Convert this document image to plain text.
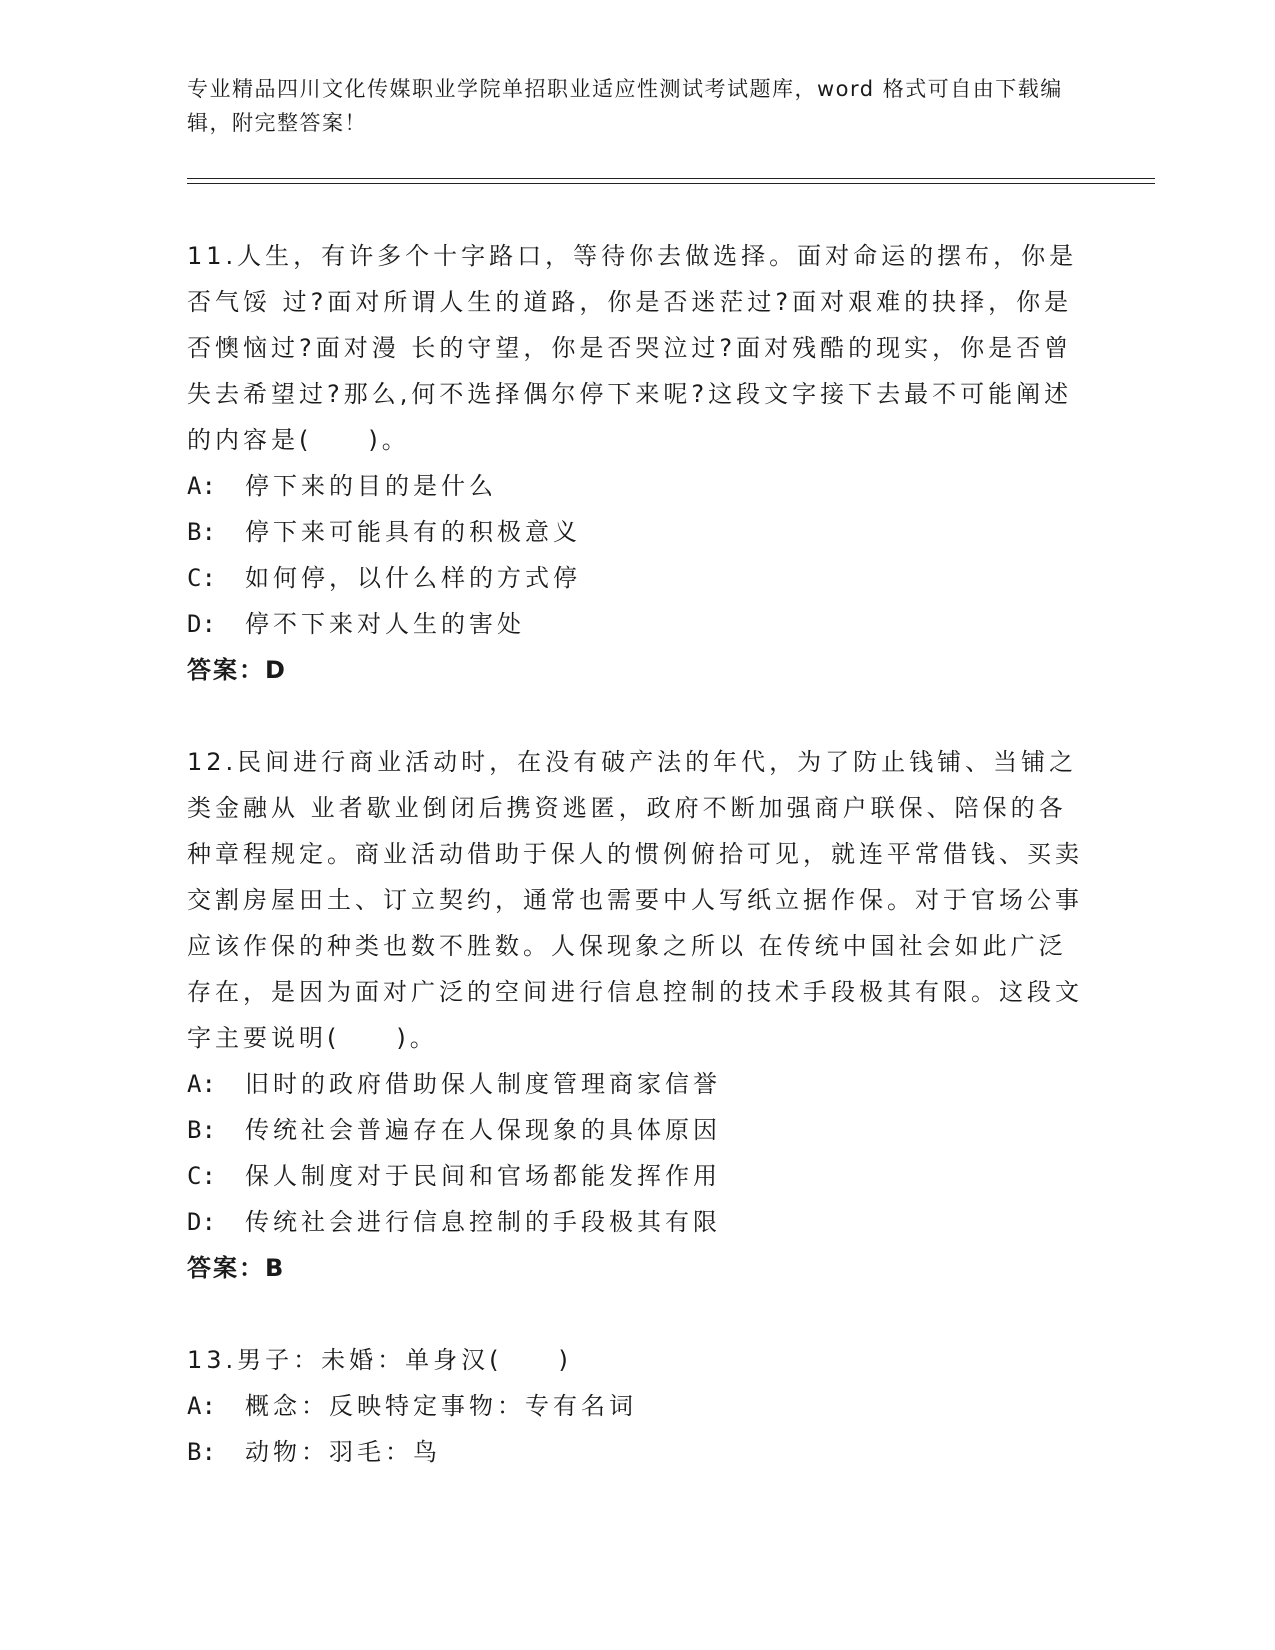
专业精品四川文化传媒职业学院单招职业适应性测试考试题库，word 格式可自由下载编辑，附完整答案！

11.人生，有许多个十字路口，等待你去做选择。面对命运的摆布，你是否气馁 过?面对所谓人生的道路，你是否迷茫过?面对艰难的抉择，你是否懊恼过?面对漫 长的守望，你是否哭泣过?面对残酷的现实，你是否曾失去希望过?那么,何不选择偶尔停下来呢?这段文字接下去最不可能阐述的内容是(　　)。

A: 停下来的目的是什么

B: 停下来可能具有的积极意义

C: 如何停，以什么样的方式停

D: 停不下来对人生的害处

答案：D

12.民间进行商业活动时，在没有破产法的年代，为了防止钱铺、当铺之类金融从 业者歇业倒闭后携资逃匿，政府不断加强商户联保、陪保的各种章程规定。商业活动借助于保人的惯例俯拾可见，就连平常借钱、买卖交割房屋田土、订立契约，通常也需要中人写纸立据作保。对于官场公事应该作保的种类也数不胜数。人保现象之所以 在传统中国社会如此广泛存在，是因为面对广泛的空间进行信息控制的技术手段极其有限。这段文字主要说明(　　)。

A: 旧时的政府借助保人制度管理商家信誉

B: 传统社会普遍存在人保现象的具体原因

C: 保人制度对于民间和官场都能发挥作用

D: 传统社会进行信息控制的手段极其有限

答案：B

13.男子：未婚：单身汉(　　)

A: 概念：反映特定事物：专有名词

B: 动物：羽毛：鸟
